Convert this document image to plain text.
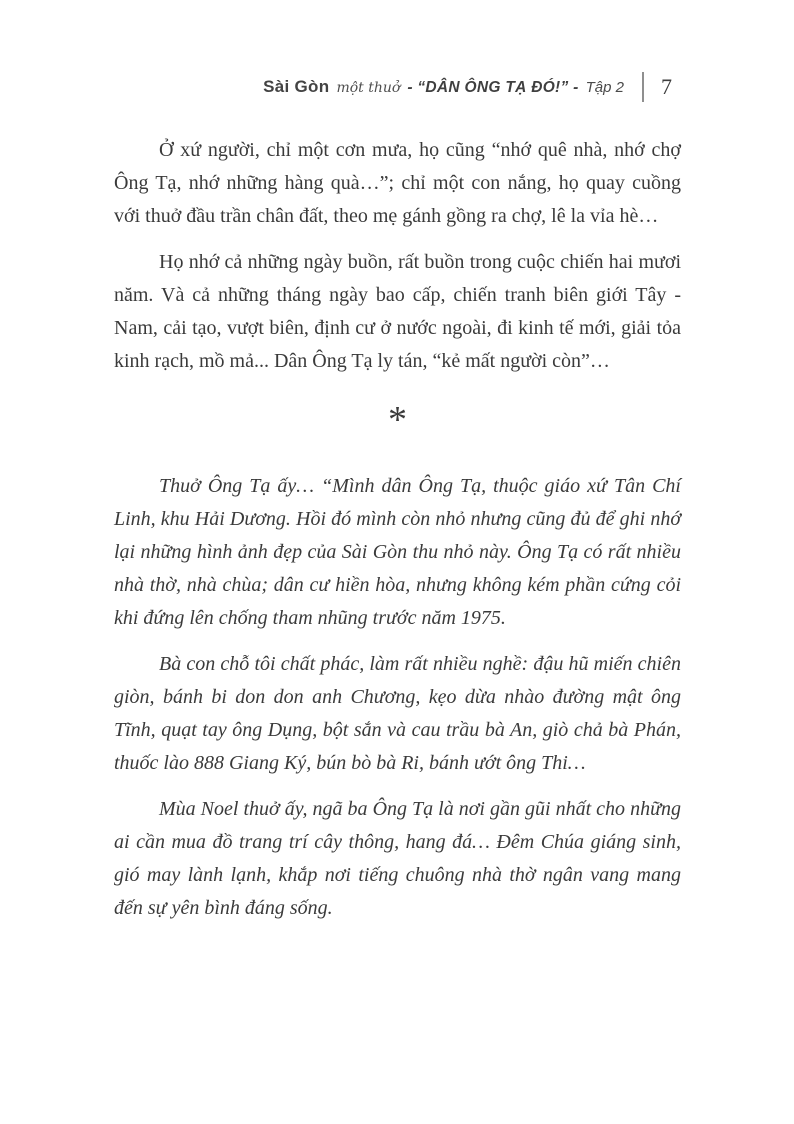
Sài Gòn một thuở - “DÂN ÔNG TẠ ĐÓ!” - Tập 2 7

Ở xứ người, chỉ một cơn mưa, họ cũng “nhớ quê nhà, nhớ chợ Ông Tạ, nhớ những hàng quà…”; chỉ một con nắng, họ quay cuồng với thuở đầu trần chân đất, theo mẹ gánh gồng ra chợ, lê la vỉa hè…

Họ nhớ cả những ngày buồn, rất buồn trong cuộc chiến hai mươi năm. Và cả những tháng ngày bao cấp, chiến tranh biên giới Tây - Nam, cải tạo, vượt biên, định cư ở nước ngoài, đi kinh tế mới, giải tỏa kinh rạch, mồ mả... Dân Ông Tạ ly tán, “kẻ mất người còn”…

*

Thuở Ông Tạ ấy… “Mình dân Ông Tạ, thuộc giáo xứ Tân Chí Linh, khu Hải Dương. Hồi đó mình còn nhỏ nhưng cũng đủ để ghi nhớ lại những hình ảnh đẹp của Sài Gòn thu nhỏ này. Ông Tạ có rất nhiều nhà thờ, nhà chùa; dân cư hiền hòa, nhưng không kém phần cứng cỏi khi đứng lên chống tham nhũng trước năm 1975.

Bà con chỗ tôi chất phác, làm rất nhiều nghề: đậu hũ miến chiên giòn, bánh bi don don anh Chương, kẹo dừa nhào đường mật ông Tĩnh, quạt tay ông Dụng, bột sắn và cau trầu bà An, giò chả bà Phán, thuốc lào 888 Giang Ký, bún bò bà Ri, bánh ướt ông Thi…

Mùa Noel thuở ấy, ngã ba Ông Tạ là nơi gần gũi nhất cho những ai cần mua đồ trang trí cây thông, hang đá… Đêm Chúa giáng sinh, gió may lành lạnh, khắp nơi tiếng chuông nhà thờ ngân vang mang đến sự yên bình đáng sống.
